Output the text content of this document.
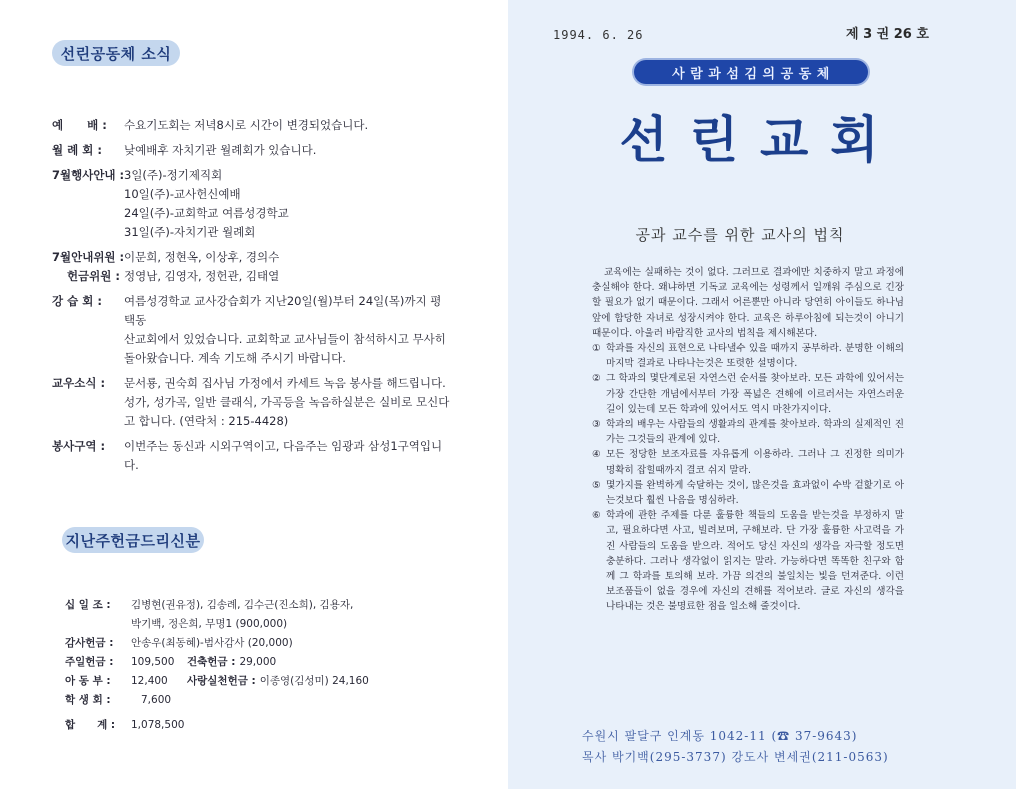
선린공동체 소식
예      배 :	수요기도회는 저녁8시로 시간이 변경되었습니다.
월 례 회 :	낮예배후 자치기관 월례회가 있습니다.
7월행사안내 : 3일(주)-정기제직회
10일(주)-교사헌신예배
24일(주)-교회학교 여름성경학교
31일(주)-자치기관 월례회
7월안내위원 : 이문희, 정현옥, 이상후, 경의수
헌금위원 : 정영남, 김영자, 정헌관, 김태열
강 습 회 :	여름성경학교 교사강습회가 지난20일(월)부터 24일(목)까지 평택동
산교회에서 있었습니다. 교회학교 교사님들이 참석하시고 무사히
돌아왔습니다. 계속 기도해 주시기 바랍니다.
교우소식 :	문서룡, 권숙희 집사님 가정에서 카세트 녹음 봉사를 해드립니다.
성가, 성가곡, 일반 클래식, 가곡등을 녹음하실분은 실비로 모신다
고 합니다. (연락처 : 215-4428)
봉사구역 :	이번주는 동신과 시외구역이고, 다음주는 임광과 삼성1구역입니다.
지난주헌금드리신분
십 일 조 :	김병현(권유정), 김송례, 김수근(진소희), 김용자,
박기백, 정은희, 무명1 (900,000)
감사헌금 :	안송우(최동혜)-범사감사 (20,000)
주일헌금 :	109,500	건축헌금 : 29,000
아 동 부 :	12,400	사랑실천헌금 : 이종영(김성미) 24,160
학 생 회 :	7,600
합      계 :	1,078,500
1994. 6. 26	제 3 권 26 호
사 람 과 섬 김 의 공 동 체
선린교회
공과 교수를 위한 교사의 법칙

교육에는 실패하는 것이 없다. 그러므로 결과에만 치중하지 말고 과정에 충실해야 한다. 왜냐하면 기독교 교육에는 성령께서 일깨워 주심으로 긴장할 필요가 없기 때문이다. 그래서 어른뿐만 아니라 당연히 아이들도 하나님 앞에 합당한 자녀로 성장시켜야 한다. 교육은 하루아침에 되는것이 아니기 때문이다. 아울러 바람직한 교사의 법칙을 제시해본다.

① 학과를 자신의 표현으로 나타낼수 있을 때까지 공부하라. 분명한 이해의 마지막 결과로 나타나는것은 또렷한 설명이다.
② 그 학과의 몇단계로된 자연스런 순서를 찾아보라. 모든 과학에 있어서는 가장 간단한 개념에서부터 가장 폭넓은 견해에 이르러서는 자연스러운 길이 있는데 모든 학과에 있어서도 역시 마찬가지이다.
③ 학과의 배우는 사람들의 생활과의 관계를 찾아보라. 학과의 실제적인 진가는 그것들의 관계에 있다.
④ 모든 정당한 보조자료를 자유롭게 이용하라. 그러나 그 진정한 의미가 명확히 잡힐때까지 결코 쉬지 말라.
⑤ 몇가지를 완벽하게 숙달하는 것이, 많은것을 효과없이 수박 겉핥기로 아는것보다 훨씬 나음을 명심하라.
⑥ 학과에 관한 주제를 다룬 훌륭한 책들의 도움을 받는것을 부정하지 말고, 필요하다면 사고, 빌려보며, 구해보라. 단 가장 훌륭한 사고력을 가진 사람들의 도움을 받으라. 적어도 당신 자신의 생각을 자극할 정도면 충분하다. 그러나 생각없이 읽지는 말라. 가능하다면 똑똑한 친구와 함께 그 학과를 토의해 보라. 가끔 의견의 불일치는 빛을 던져준다. 이런 보조품들이 없을 경우에 자신의 견해를 적어보라. 글로 자신의 생각을 나타내는 것은 불명료한 점을 일소해 줄것이다.
수원시 팔달구 인계동 1042-11 (☎ 37-9643)
목사 박기백(295-3737) 강도사 변세권(211-0563)
